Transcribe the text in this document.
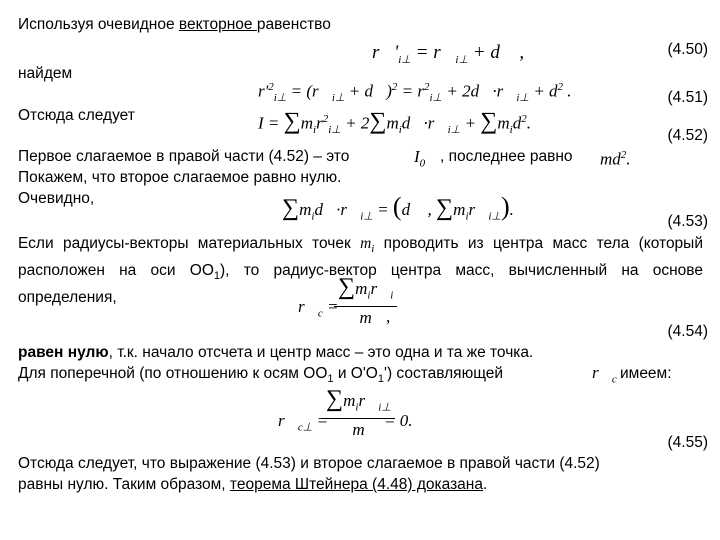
Используя очевидное векторное равенство
$r⃗'_{i\perp}$ = $r⃗_{i\perp}$ + d⃗ ,	(4.50)
найдем
$r'^2_{i\perp}$ = ($r⃗_{i\perp}$ + d⃗)$^2$ = $r^2_{i\perp}$ + $2d⃗\cdot r⃗_{i\perp} + d^2$ .	(4.51)
Отсюда следует	$I = \sum m_ir^2_{i\perp}$ + $2\sum m_id⃗\cdot r⃗_{i\perp} + \sum m_id^2$.
(4.52)
Первое слагаемое в правой части (4.52) – это	$I_0$ , последнее равно $md^2$.
Покажем, что второе слагаемое равно нулю.
Очевидно,	$\sum m_id⃗\cdot r⃗_{i\perp}$ = (d⃗ , $\sum m_ir⃗_{i\perp}$).
(4.53)
Если радиусы-векторы материальных точек $m_i$ проводить из центра масс тела (который расположен на оси $OO_1$), то радиус-вектор центра масс, вычисленный на основе определения,	$r⃗_c$ =
$\sum m_ir⃗_i$
m ,
(4.54)
равен нулю, т.к. начало отсчета и центр масс – это одна и та же точка.
Для поперечной (по отношению к осям $OO_1$ и $O'O_1'$) составляющей	$r⃗_c$ имеем:
$r⃗_{c\perp}$ =
$\sum m_ir⃗_{i\perp}$
m	= 0.
(4.55)
Отсюда следует, что выражение (4.53) и второе слагаемое в правой части (4.52)
равны нулю. Таким образом, теорема Штейнера (4.48) доказана.
